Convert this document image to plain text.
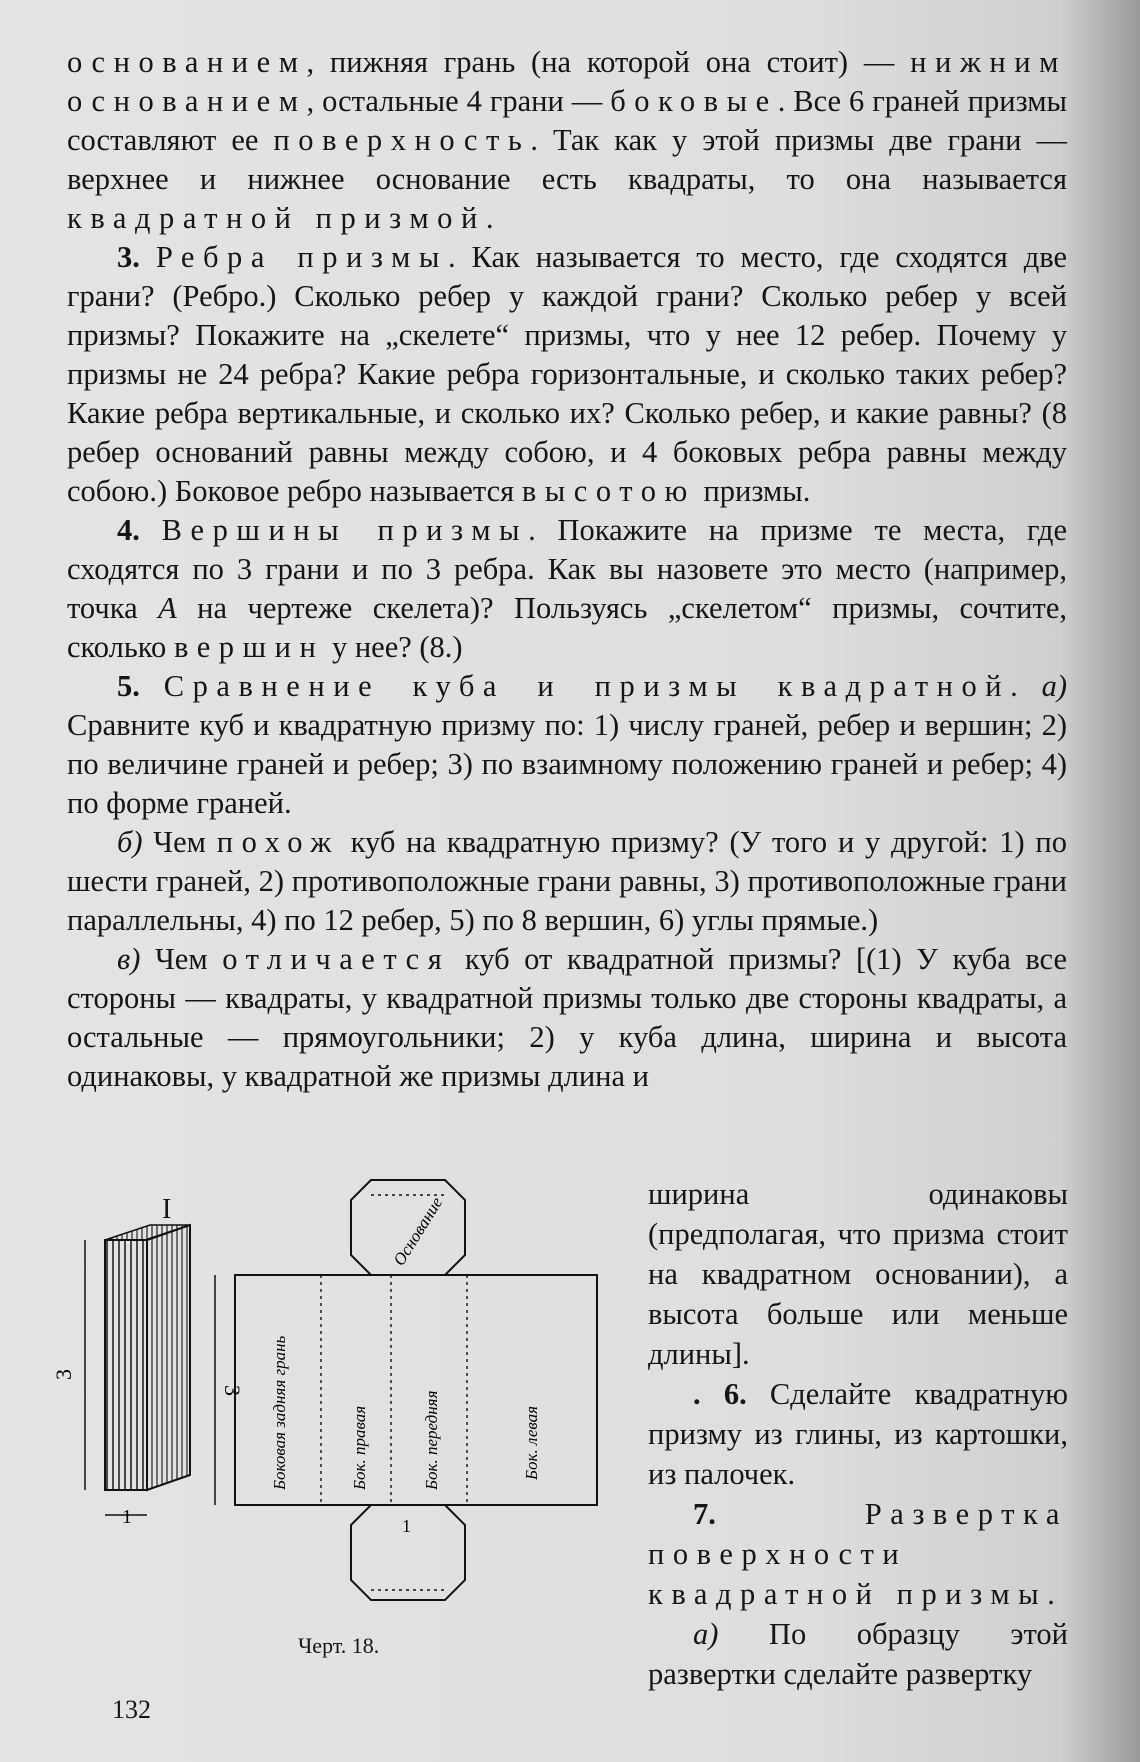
основанием, пижняя грань (на которой она стоит) — нижним основанием, остальные 4 грани — боковые. Все 6 граней призмы составляют ее поверхность. Так как у этой призмы две грани — верхнее и нижнее основание есть квадраты, то она называется квадратной призмой.

3. Ребра призмы. Как называется то место, где сходятся две грани? (Ребро.) Сколько ребер у каждой грани? Сколько ребер у всей призмы? Покажите на „скелете“ призмы, что у нее 12 ребер. Почему у призмы не 24 ребра? Какие ребра горизонтальные, и сколько таких ребер? Какие ребра вертикальные, и сколько их? Сколько ребер, и какие равны? (8 ребер оснований равны между собою, и 4 боковых ребра равны между собою.) Боковое ребро называется высотою призмы.

4. Вершины призмы. Покажите на призме те места, где сходятся по 3 грани и по 3 ребра. Как вы назовете это место (например, точка A на чертеже скелета)? Пользуясь „скелетом“ призмы, сочтите, сколько вершин у нее? (8.)

5. Сравнение куба и призмы квадратной. а) Сравните куб и квадратную призму по: 1) числу граней, ребер и вершин; 2) по величине граней и ребер; 3) по взаимному положению граней и ребер; 4) по форме граней.

б) Чем похож куб на квадратную призму? (У того и у другой: 1) по шести граней, 2) противоположные грани равны, 3) противоположные грани параллельны, 4) по 12 ребер, 5) по 8 вершин, 6) углы прямые.)

в) Чем отличается куб от квадратной призмы? [(1) У куба все стороны — квадраты, у квадратной призмы только две стороны квадраты, а остальные — прямоугольники; 2) у куба длина, ширина и высота одинаковы, у квадратной же призмы длина и

I
3
1
3
1
Основание
Боковая задняя грань	Бок. правая	Бок. передняя	Бок. левая

ширина одинаковы (предполагая, что призма стоит на квадратном основании), а высота больше или меньше длины].

. 6. Сделайте квадратную призму из глины, из картошки, из палочек.

7. Развертка поверхности квадратной призмы.

а) По образцу этой развертки сделайте развертку

Черт. 18.
132
